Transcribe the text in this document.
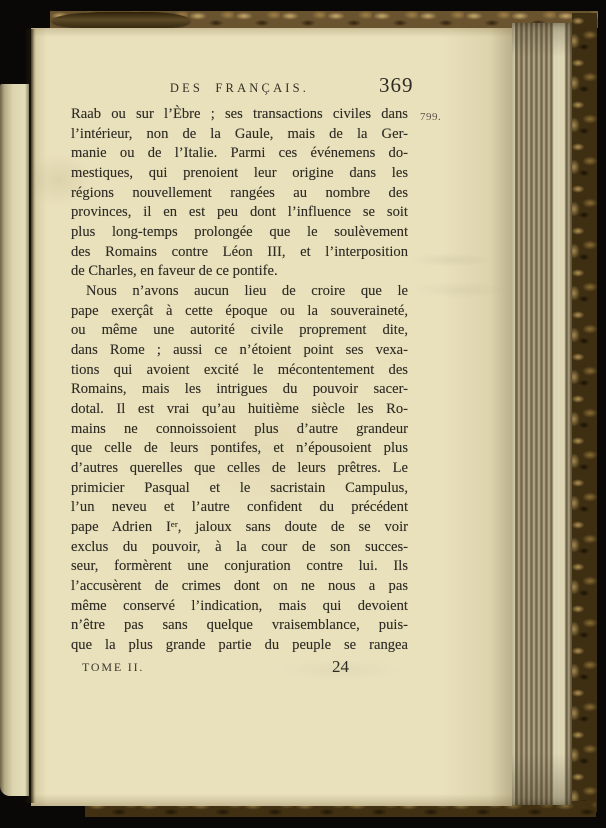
DES FRANÇAIS.	369
799.
Raab ou sur l’Èbre ; ses transactions civiles dans
l’intérieur, non de la Gaule, mais de la Ger-
manie ou de l’Italie. Parmi ces événemens do-
mestiques, qui prenoient leur origine dans les
régions nouvellement rangées au nombre des
provinces, il en est peu dont l’influence se soit
plus long-temps prolongée que le soulèvement
des Romains contre Léon III, et l’interposition
de Charles, en faveur de ce pontife.
Nous n’avons aucun lieu de croire que le
pape exerçât à cette époque ou la souveraineté,
ou même une autorité civile proprement dite,
dans Rome ; aussi ce n’étoient point ses vexa-
tions qui avoient excité le mécontentement des
Romains, mais les intrigues du pouvoir sacer-
dotal. Il est vrai qu’au huitième siècle les Ro-
mains ne connoissoient plus d’autre grandeur
que celle de leurs pontifes, et n’épousoient plus
d’autres querelles que celles de leurs prêtres. Le
primicier Pasqual et le sacristain Campulus,
l’un neveu et l’autre confident du précédent
pape Adrien Iᵉʳ, jaloux sans doute de se voir
exclus du pouvoir, à la cour de son succes-
seur, formèrent une conjuration contre lui. Ils
l’accusèrent de crimes dont on ne nous a pas
même conservé l’indication, mais qui devoient
n’être pas sans quelque vraisemblance, puis-
que la plus grande partie du peuple se rangea
TOME II.	24
